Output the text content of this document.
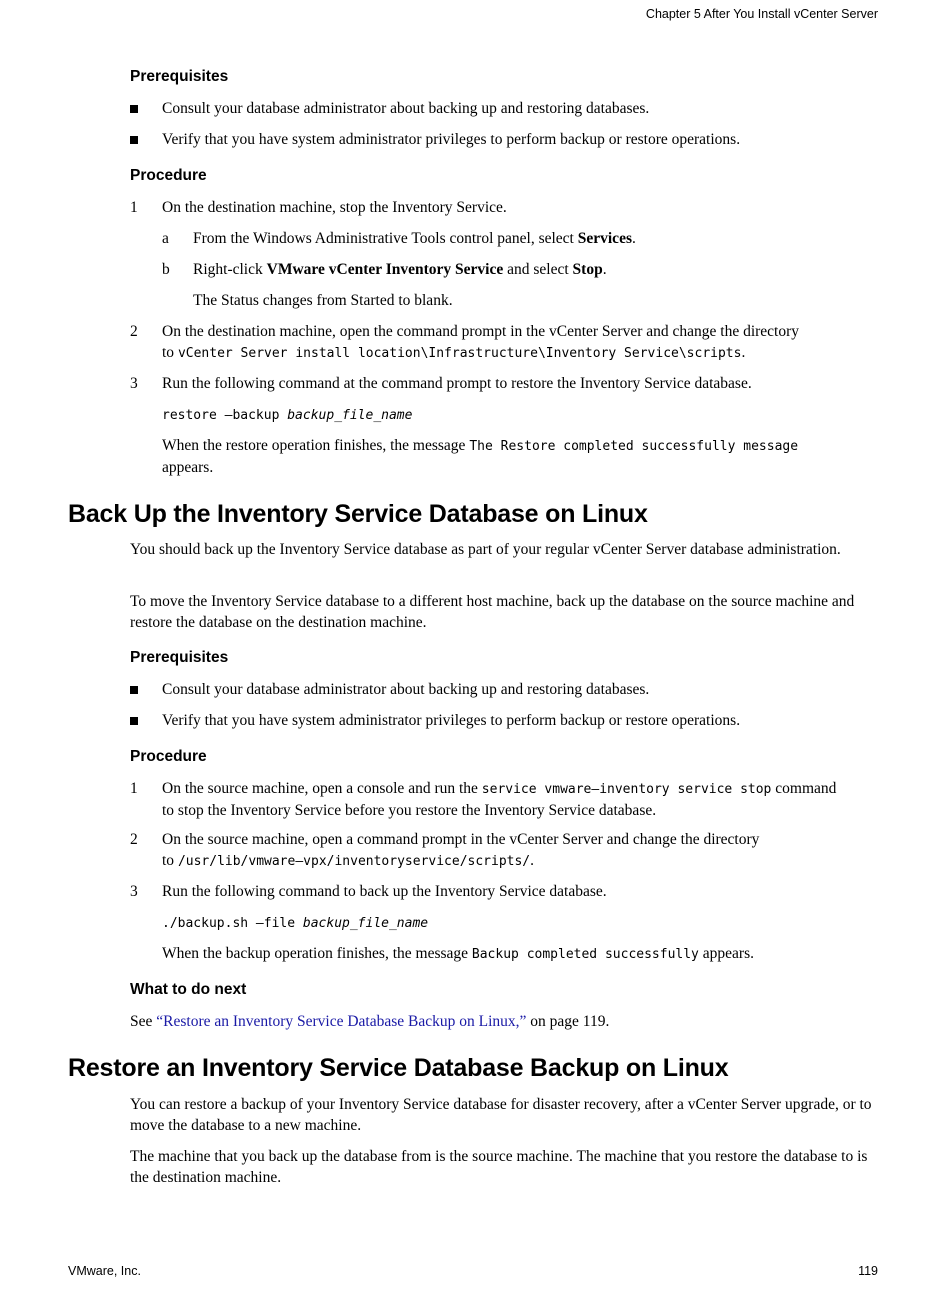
Chapter 5 After You Install vCenter Server
Prerequisites
Consult your database administrator about backing up and restoring databases.
Verify that you have system administrator privileges to perform backup or restore operations.
Procedure
1 On the destination machine, stop the Inventory Service.
a From the Windows Administrative Tools control panel, select Services.
b Right-click VMware vCenter Inventory Service and select Stop.
The Status changes from Started to blank.
2 On the destination machine, open the command prompt in the vCenter Server and change the directory
to vCenter Server install location\Infrastructure\Inventory Service\scripts.
3 Run the following command at the command prompt to restore the Inventory Service database.
restore –backup backup_file_name
When the restore operation finishes, the message The Restore completed successfully message
appears.
Back Up the Inventory Service Database on Linux

You should back up the Inventory Service database as part of your regular vCenter Server database administration.

To move the Inventory Service database to a different host machine, back up the database on the source machine and restore the database on the destination machine.

Prerequisites
Consult your database administrator about backing up and restoring databases.
Verify that you have system administrator privileges to perform backup or restore operations.
Procedure
1 On the source machine, open a console and run the service vmware–inventory service stop command
to stop the Inventory Service before you restore the Inventory Service database.
2 On the source machine, open a command prompt in the vCenter Server and change the directory
to /usr/lib/vmware–vpx/inventoryservice/scripts/.
3 Run the following command to back up the Inventory Service database.
./backup.sh –file backup_file_name
When the backup operation finishes, the message Backup completed successfully appears.
What to do next
See “Restore an Inventory Service Database Backup on Linux,” on page 119.
Restore an Inventory Service Database Backup on Linux

You can restore a backup of your Inventory Service database for disaster recovery, after a vCenter Server upgrade, or to move the database to a new machine.

The machine that you back up the database from is the source machine. The machine that you restore the database to is the destination machine.

VMware, Inc.	119
